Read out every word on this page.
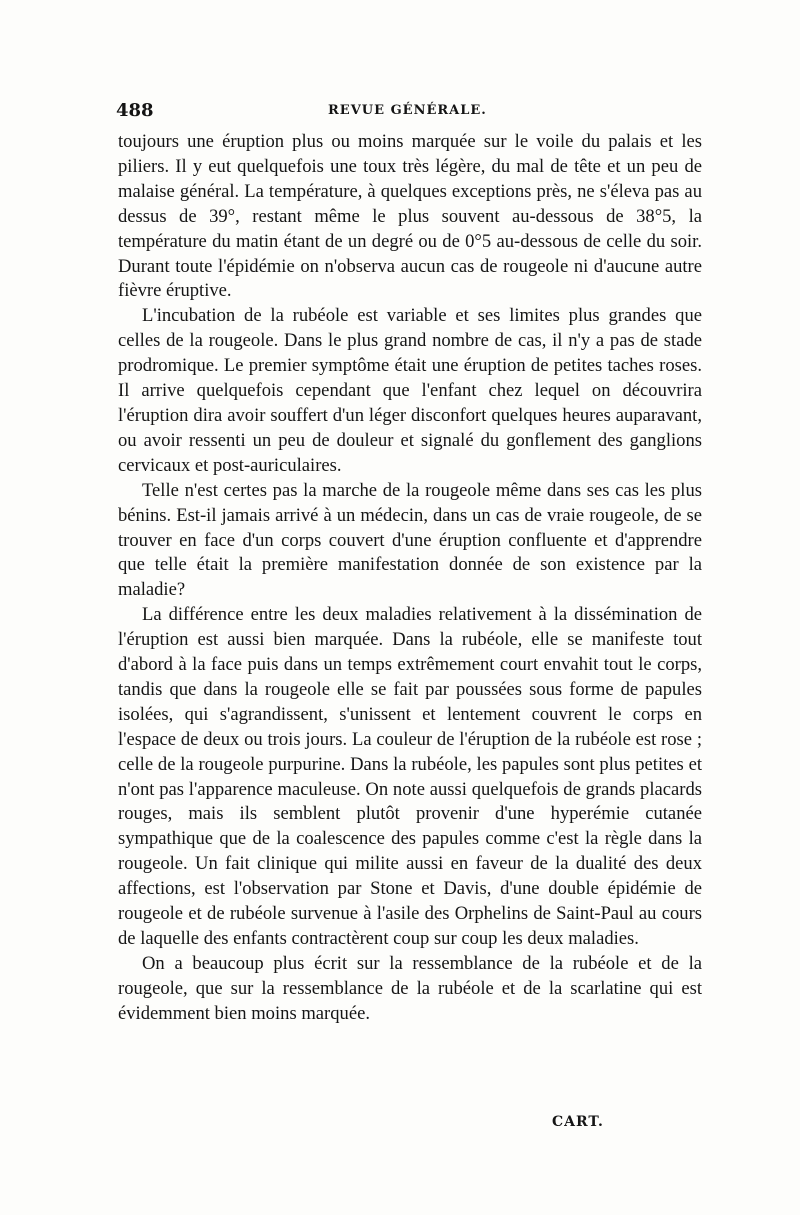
488	REVUE GÉNÉRALE.

toujours une éruption plus ou moins marquée sur le voile du palais et les piliers. Il y eut quelquefois une toux très légère, du mal de tête et un peu de malaise général. La température, à quelques exceptions près, ne s'éleva pas au dessus de 39°, restant même le plus souvent au-dessous de 38°5, la température du matin étant de un degré ou de 0°5 au-dessous de celle du soir. Durant toute l'épidémie on n'observa aucun cas de rougeole ni d'aucune autre fièvre éruptive.

L'incubation de la rubéole est variable et ses limites plus grandes que celles de la rougeole. Dans le plus grand nombre de cas, il n'y a pas de stade prodromique. Le premier symptôme était une éruption de petites taches roses. Il arrive quelquefois cependant que l'enfant chez lequel on découvrira l'éruption dira avoir souffert d'un léger disconfort quelques heures auparavant, ou avoir ressenti un peu de douleur et signalé du gonflement des ganglions cervicaux et post-auriculaires.

Telle n'est certes pas la marche de la rougeole même dans ses cas les plus bénins. Est-il jamais arrivé à un médecin, dans un cas de vraie rougeole, de se trouver en face d'un corps couvert d'une éruption confluente et d'apprendre que telle était la première manifestation donnée de son existence par la maladie?

La différence entre les deux maladies relativement à la dissémination de l'éruption est aussi bien marquée. Dans la rubéole, elle se manifeste tout d'abord à la face puis dans un temps extrêmement court envahit tout le corps, tandis que dans la rougeole elle se fait par poussées sous forme de papules isolées, qui s'agrandissent, s'unissent et lentement couvrent le corps en l'espace de deux ou trois jours. La couleur de l'éruption de la rubéole est rose ; celle de la rougeole purpurine. Dans la rubéole, les papules sont plus petites et n'ont pas l'apparence maculeuse. On note aussi quelquefois de grands placards rouges, mais ils semblent plutôt provenir d'une hyperémie cutanée sympathique que de la coalescence des papules comme c'est la règle dans la rougeole. Un fait clinique qui milite aussi en faveur de la dualité des deux affections, est l'observation par Stone et Davis, d'une double épidémie de rougeole et de rubéole survenue à l'asile des Orphelins de Saint-Paul au cours de laquelle des enfants contractèrent coup sur coup les deux maladies.

On a beaucoup plus écrit sur la ressemblance de la rubéole et de la rougeole, que sur la ressemblance de la rubéole et de la scarlatine qui est évidemment bien moins marquée.

CART.
